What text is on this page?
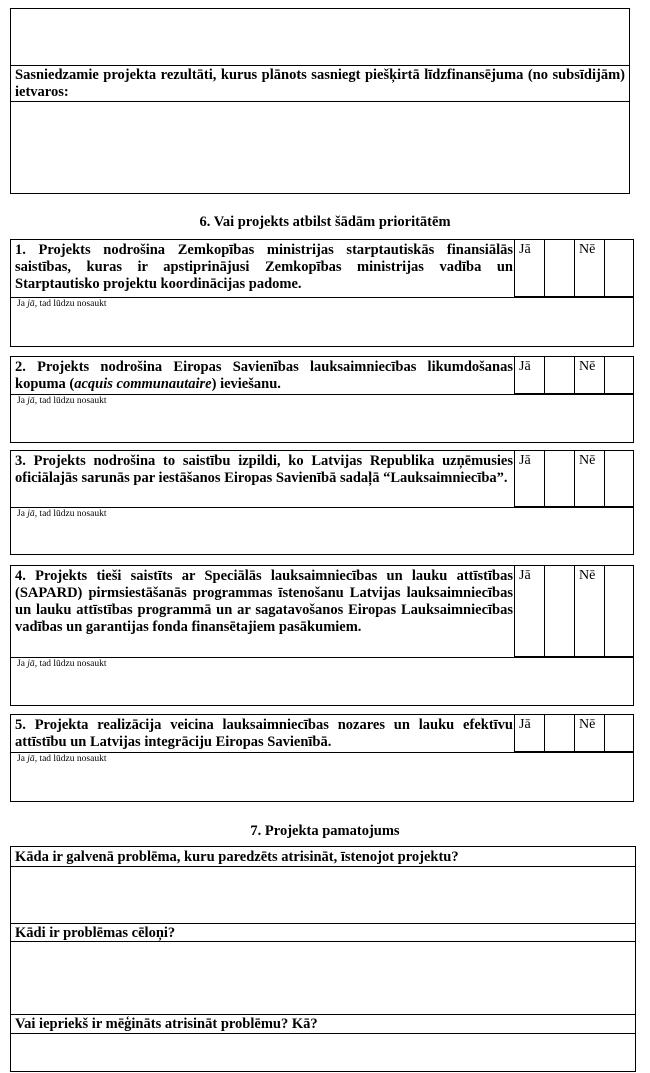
Sasniedzamie projekta rezultāti, kurus plānots sasniegt piešķirtā līdzfinansējuma (no subsīdijām) ietvaros:
6. Vai projekts atbilst šādām prioritātēm
1. Projekts nodrošina Zemkopības ministrijas starptautiskās finansiālās saistības, kuras ir apstiprinājusi Zemkopības ministrijas vadība un Starptautisko projektu koordinācijas padome.
Jā	Nē
Ja jā, tad lūdzu nosaukt
2. Projekts nodrošina Eiropas Savienības lauksaimniecības likumdošanas kopuma (acquis communautaire) ieviešanu.
Jā	Nē
Ja jā, tad lūdzu nosaukt
3. Projekts nodrošina to saistību izpildi, ko Latvijas Republika uzņēmusies oficiālajās sarunās par iestāšanos Eiropas Savienībā sadaļā “Lauksaimniecība”.
Jā	Nē
Ja jā, tad lūdzu nosaukt
4. Projekts tieši saistīts ar Speciālās lauksaimniecības un lauku attīstības (SAPARD) pirmsiestāšanās programmas īstenošanu Latvijas lauksaimniecības un lauku attīstības programmā un ar sagatavošanos Eiropas Lauksaimniecības vadības un garantijas fonda finansētajiem pasākumiem.
Jā	Nē
Ja jā, tad lūdzu nosaukt
5. Projekta realizācija veicina lauksaimniecības nozares un lauku efektīvu attīstību un Latvijas integrāciju Eiropas Savienībā.
Jā	Nē
Ja jā, tad lūdzu nosaukt
7. Projekta pamatojums
Kāda ir galvenā problēma, kuru paredzēts atrisināt, īstenojot projektu?
Kādi ir problēmas cēloņi?
Vai iepriekš ir mēģināts atrisināt problēmu? Kā?
